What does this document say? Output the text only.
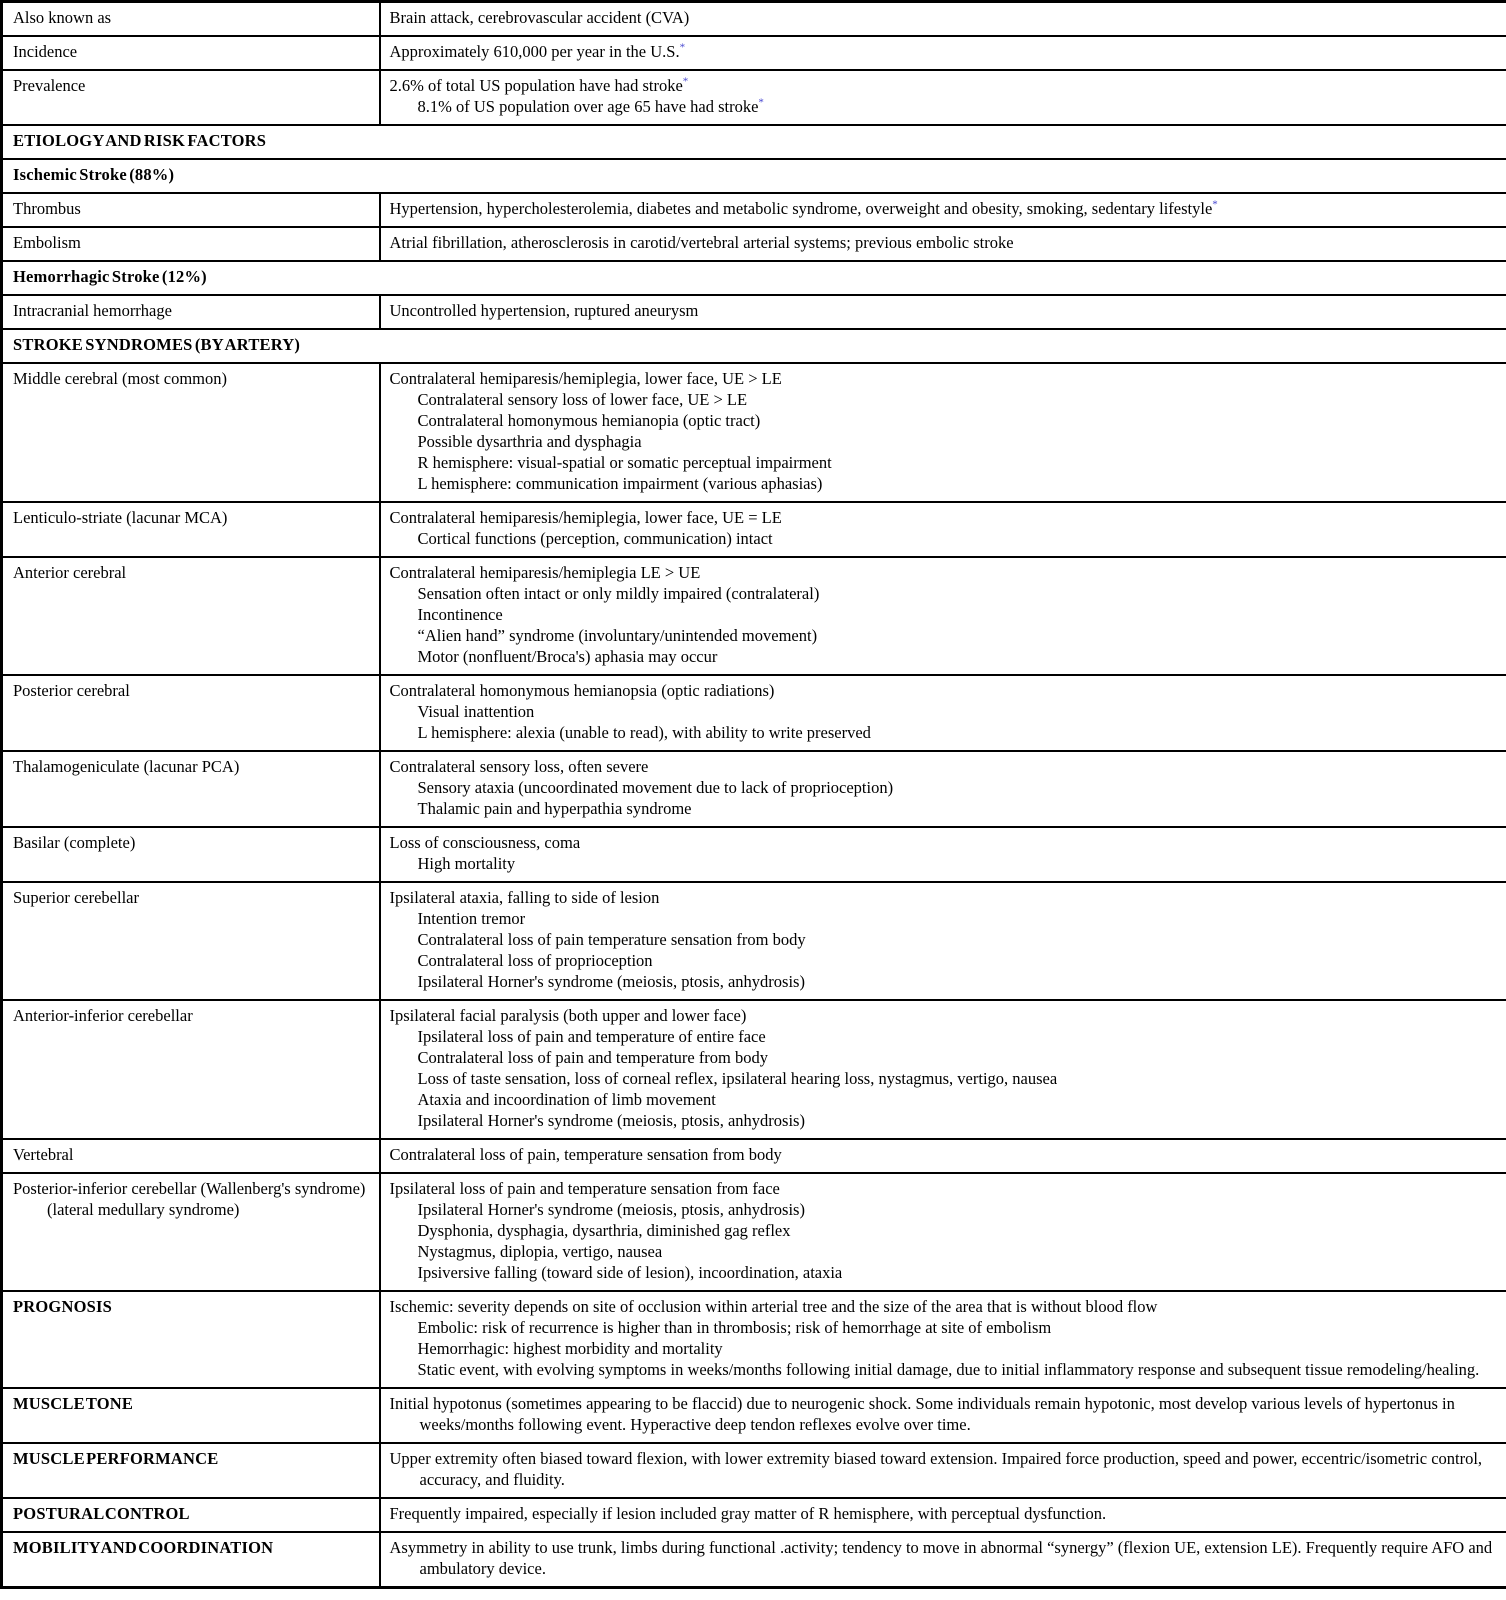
Also known as	Brain attack, cerebrovascular accident (CVA)

Incidence	Approximately 610,000 per year in the U.S.*

Prevalence	2.6% of total US population have had stroke*
8.1% of US population over age 65 have had stroke*

ETIOLOGY AND RISK FACTORS	
Ischemic Stroke (88%)	

Thrombus	Hypertension, hypercholesterolemia, diabetes and metabolic syndrome, overweight and obesity, smoking, sedentary lifestyle*

Embolism	Atrial fibrillation, atherosclerosis in carotid/vertebral arterial systems; previous embolic stroke

Hemorrhagic Stroke (12%)	

Intracranial hemorrhage	Uncontrolled hypertension, ruptured aneurysm

STROKE SYNDROMES (BY ARTERY)	

Middle cerebral (most common)	Contralateral hemiparesis/hemiplegia, lower face, UE > LE
Contralateral sensory loss of lower face, UE > LE
Contralateral homonymous hemianopia (optic tract)
Possible dysarthria and dysphagia
R hemisphere: visual-spatial or somatic perceptual impairment
L hemisphere: communication impairment (various aphasias)

Lenticulo-striate (lacunar MCA)	Contralateral hemiparesis/hemiplegia, lower face, UE = LE
Cortical functions (perception, communication) intact

Anterior cerebral	Contralateral hemiparesis/hemiplegia LE > UE
Sensation often intact or only mildly impaired (contralateral)
Incontinence
“Alien hand” syndrome (involuntary/unintended movement)
Motor (nonfluent/Broca's) aphasia may occur

Posterior cerebral	Contralateral homonymous hemianopsia (optic radiations)
Visual inattention
L hemisphere: alexia (unable to read), with ability to write preserved

Thalamogeniculate (lacunar PCA)	Contralateral sensory loss, often severe
Sensory ataxia (uncoordinated movement due to lack of proprioception)
Thalamic pain and hyperpathia syndrome

Basilar (complete)	Loss of consciousness, coma
High mortality

Superior cerebellar	Ipsilateral ataxia, falling to side of lesion
Intention tremor
Contralateral loss of pain temperature sensation from body
Contralateral loss of proprioception
Ipsilateral Horner's syndrome (meiosis, ptosis, anhydrosis)

Anterior-inferior cerebellar	Ipsilateral facial paralysis (both upper and lower face)
Ipsilateral loss of pain and temperature of entire face
Contralateral loss of pain and temperature from body
Loss of taste sensation, loss of corneal reflex, ipsilateral hearing loss, nystagmus, vertigo, nausea
Ataxia and incoordination of limb movement
Ipsilateral Horner's syndrome (meiosis, ptosis, anhydrosis)

Vertebral	Contralateral loss of pain, temperature sensation from body

Posterior-inferior cerebellar (Wallenberg's syndrome) (lateral medullary syndrome)	Ipsilateral loss of pain and temperature sensation from face
Ipsilateral Horner's syndrome (meiosis, ptosis, anhydrosis)
Dysphonia, dysphagia, dysarthria, diminished gag reflex
Nystagmus, diplopia, vertigo, nausea
Ipsiversive falling (toward side of lesion), incoordination, ataxia

PROGNOSIS	Ischemic: severity depends on site of occlusion within arterial tree and the size of the area that is without blood flow
Embolic: risk of recurrence is higher than in thrombosis; risk of hemorrhage at site of embolism
Hemorrhagic: highest morbidity and mortality
Static event, with evolving symptoms in weeks/months following initial damage, due to initial inflammatory response and subsequent tissue remodeling/healing.

MUSCLE TONE	Initial hypotonus (sometimes appearing to be flaccid) due to neurogenic shock. Some individuals remain hypotonic, most develop various levels of hypertonus in weeks/months following event. Hyperactive deep tendon reflexes evolve over time.

MUSCLE PERFORMANCE	Upper extremity often biased toward flexion, with lower extremity biased toward extension. Impaired force production, speed and power, eccentric/isometric control, accuracy, and fluidity.

POSTURAL CONTROL	Frequently impaired, especially if lesion included gray matter of R hemisphere, with perceptual dysfunction.

MOBILITY AND COORDINATION	Asymmetry in ability to use trunk, limbs during functional .activity; tendency to move in abnormal “synergy” (flexion UE, extension LE). Frequently require AFO and ambulatory device.
